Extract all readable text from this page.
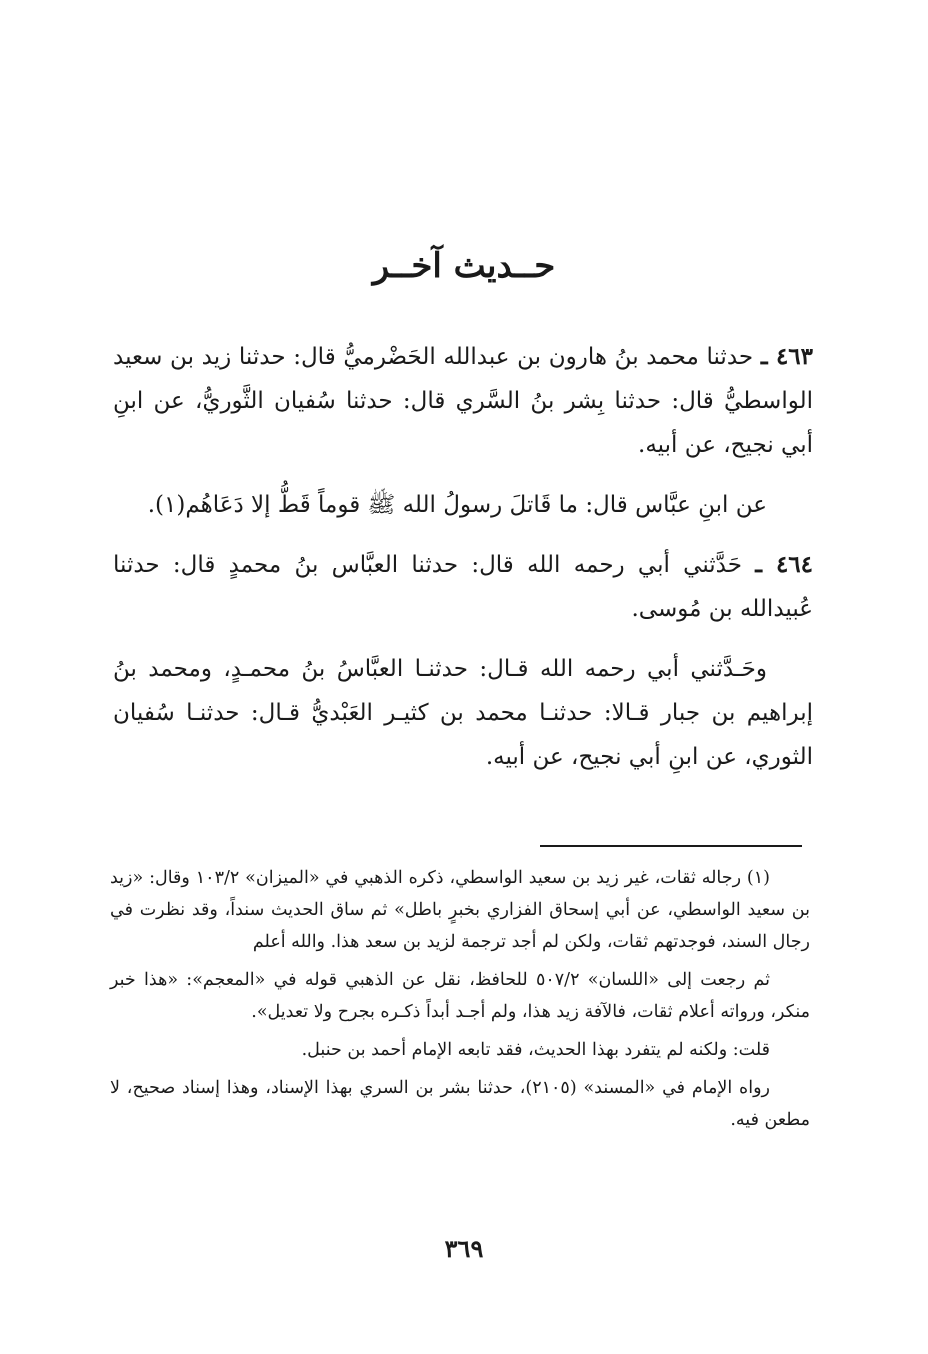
حــديث آخــر

٤٦٣ ـ حدثنا محمد بنُ هارون بن عبدالله الحَضْرميُّ قال: حدثنا زيد بن سعيد الواسطيُّ قال: حدثنا بِشر بنُ السَّري قال: حدثنا سُفيان الثَّوريُّ، عن ابنِ أبي نجيح، عن أبيه.

عن ابنِ عبَّاس قال: ما قَاتلَ رسولُ الله ﷺ قوماً قَطُّ إلا دَعَاهُم(١).

٤٦٤ ـ حَدَّثني أبي رحمه الله قال: حدثنا العبَّاس بنُ محمدٍ قال: حدثنا عُبيدالله بن مُوسى.

وحَـدَّثني أبي رحمه الله قـال: حدثنـا العبَّاسُ بنُ محمـدٍ، ومحمد بنُ إبراهيم بن جبار قـالا: حدثنـا محمد بن كثيـر العَبْديُّ قـال: حدثنـا سُفيان الثوري، عن ابنِ أبي نجيح، عن أبيه.

(١) رجاله ثقات، غير زيد بن سعيد الواسطي، ذكره الذهبي في «الميزان» ١٠٣/٢ وقال: «زيد بن سعيد الواسطي، عن أبي إسحاق الفزاري بخبرٍ باطل» ثم ساق الحديث سنداً، وقد نظرت في رجال السند، فوجدتهم ثقات، ولكن لم أجد ترجمة لزيد بن سعد هذا. والله أعلم

ثم رجعت إلى «اللسان» ٥٠٧/٢ للحافظ، نقل عن الذهبي قوله في «المعجم»: «هذا خبر منكر، ورواته أعلام ثقات، فالآفة زيد هذا، ولم أجـد أبداً ذكـره بجرح ولا تعديل».

قلت: ولكنه لم يتفرد بهذا الحديث، فقد تابعه الإمام أحمد بن حنبل.

رواه الإمام في «المسند» (٢١٠٥)، حدثنا بشر بن السري بهذا الإسناد، وهذا إسناد صحيح، لا مطعن فيه.

٣٦٩
